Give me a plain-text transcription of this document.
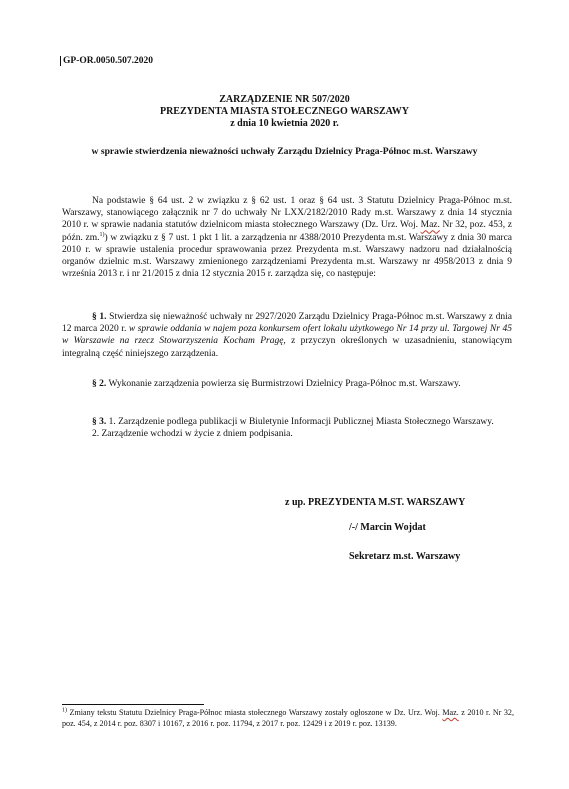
GP-OR.0050.507.2020
ZARZĄDZENIE NR 507/2020
PREZYDENTA MIASTA STOŁECZNEGO WARSZAWY
z dnia 10 kwietnia 2020 r.
w sprawie stwierdzenia nieważności uchwały Zarządu Dzielnicy Praga-Północ m.st. Warszawy

Na podstawie § 64 ust. 2 w związku z § 62 ust. 1 oraz § 64 ust. 3 Statutu Dzielnicy Praga-Północ m.st. Warszawy, stanowiącego załącznik nr 7 do uchwały Nr LXX/2182/2010 Rady m.st. Warszawy z dnia 14 stycznia 2010 r. w sprawie nadania statutów dzielnicom miasta stołecznego Warszawy (Dz. Urz. Woj. Maz. Nr 32, poz. 453, z późn. zm.$^{1)}$) w związku z § 7 ust. 1 pkt 1 lit. a zarządzenia nr 4388/2010 Prezydenta m.st. Warszawy z dnia 30 marca 2010 r. w sprawie ustalenia procedur sprawowania przez Prezydenta m.st. Warszawy nadzoru nad działalnością organów dzielnic m.st. Warszawy zmienionego zarządzeniami Prezydenta m.st. Warszawy nr 4958/2013 z dnia 9 września 2013 r. i nr 21/2015 z dnia 12 stycznia 2015 r. zarządza się, co następuje:

§ 1. Stwierdza się nieważność uchwały nr 2927/2020 Zarządu Dzielnicy Praga-Północ m.st. Warszawy z dnia 12 marca 2020 r. w sprawie oddania w najem poza konkursem ofert lokalu użytkowego Nr 14 przy ul. Targowej Nr 45 w Warszawie na rzecz Stowarzyszenia Kocham Pragę, z przyczyn określonych w uzasadnieniu, stanowiącym integralną część niniejszego zarządzenia.

§ 2. Wykonanie zarządzenia powierza się Burmistrzowi Dzielnicy Praga-Północ m.st. Warszawy.

§ 3. 1. Zarządzenie podlega publikacji w Biuletynie Informacji Publicznej Miasta Stołecznego Warszawy.

2. Zarządzenie wchodzi w życie z dniem podpisania.

z up. PREZYDENTA M.ST. WARSZAWY
/-/ Marcin Wojdat
Sekretarz m.st. Warszawy
$^{1)}$ Zmiany tekstu Statutu Dzielnicy Praga-Północ miasta stołecznego Warszawy zostały ogłoszone w Dz. Urz. Woj. Maz. z 2010 r. Nr 32, poz. 454, z 2014 r. poz. 8307 i 10167, z 2016 r. poz. 11794, z 2017 r. poz. 12429 i z 2019 r. poz. 13139.
